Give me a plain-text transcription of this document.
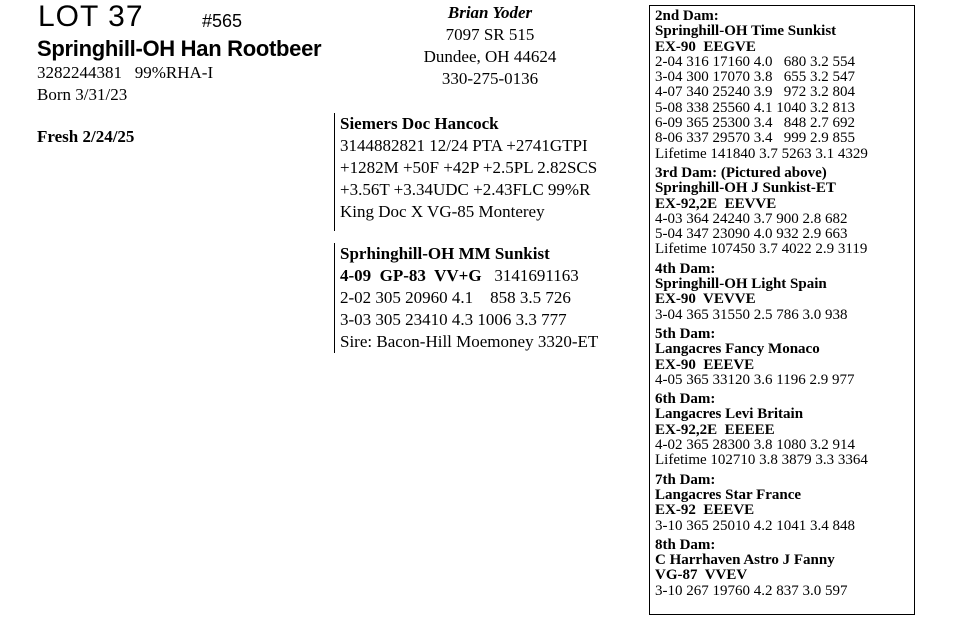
LOT 37	#565
Springhill-OH Han Rootbeer
3282244381   99%RHA-I
Born 3/31/23
Fresh 2/24/25
Brian Yoder
7097 SR 515
Dundee, OH 44624
330-275-0136
Siemers Doc Hancock
3144882821 12/24 PTA +2741GTPI
+1282M +50F +42P +2.5PL 2.82SCS
+3.56T +3.34UDC +2.43FLC 99%R
King Doc X VG-85 Monterey
Sprhinghill-OH MM Sunkist
4-09  GP-83  VV+G 3141691163
2-02 305 20960 4.1    858 3.5 726
3-03 305 23410 4.3 1006 3.3 777
Sire: Bacon-Hill Moemoney 3320-ET
2nd Dam:
Springhill-OH Time Sunkist
EX-90  EEGVE
2-04 316 17160 4.0   680 3.2 554
3-04 300 17070 3.8   655 3.2 547
4-07 340 25240 3.9   972 3.2 804
5-08 338 25560 4.1 1040 3.2 813
6-09 365 25300 3.4   848 2.7 692
8-06 337 29570 3.4   999 2.9 855
Lifetime 141840 3.7 5263 3.1 4329
3rd Dam: (Pictured above)
Springhill-OH J Sunkist-ET
EX-92,2E  EEVVE
4-03 364 24240 3.7 900 2.8 682
5-04 347 23090 4.0 932 2.9 663
Lifetime 107450 3.7 4022 2.9 3119
4th Dam:
Springhill-OH Light Spain
EX-90  VEVVE
3-04 365 31550 2.5 786 3.0 938
5th Dam:
Langacres Fancy Monaco
EX-90  EEEVE
4-05 365 33120 3.6 1196 2.9 977
6th Dam:
Langacres Levi Britain
EX-92,2E  EEEEE
4-02 365 28300 3.8 1080 3.2 914
Lifetime 102710 3.8 3879 3.3 3364
7th Dam:
Langacres Star France
EX-92  EEEVE
3-10 365 25010 4.2 1041 3.4 848
8th Dam:
C Harrhaven Astro J Fanny
VG-87  VVEV
3-10 267 19760 4.2 837 3.0 597
